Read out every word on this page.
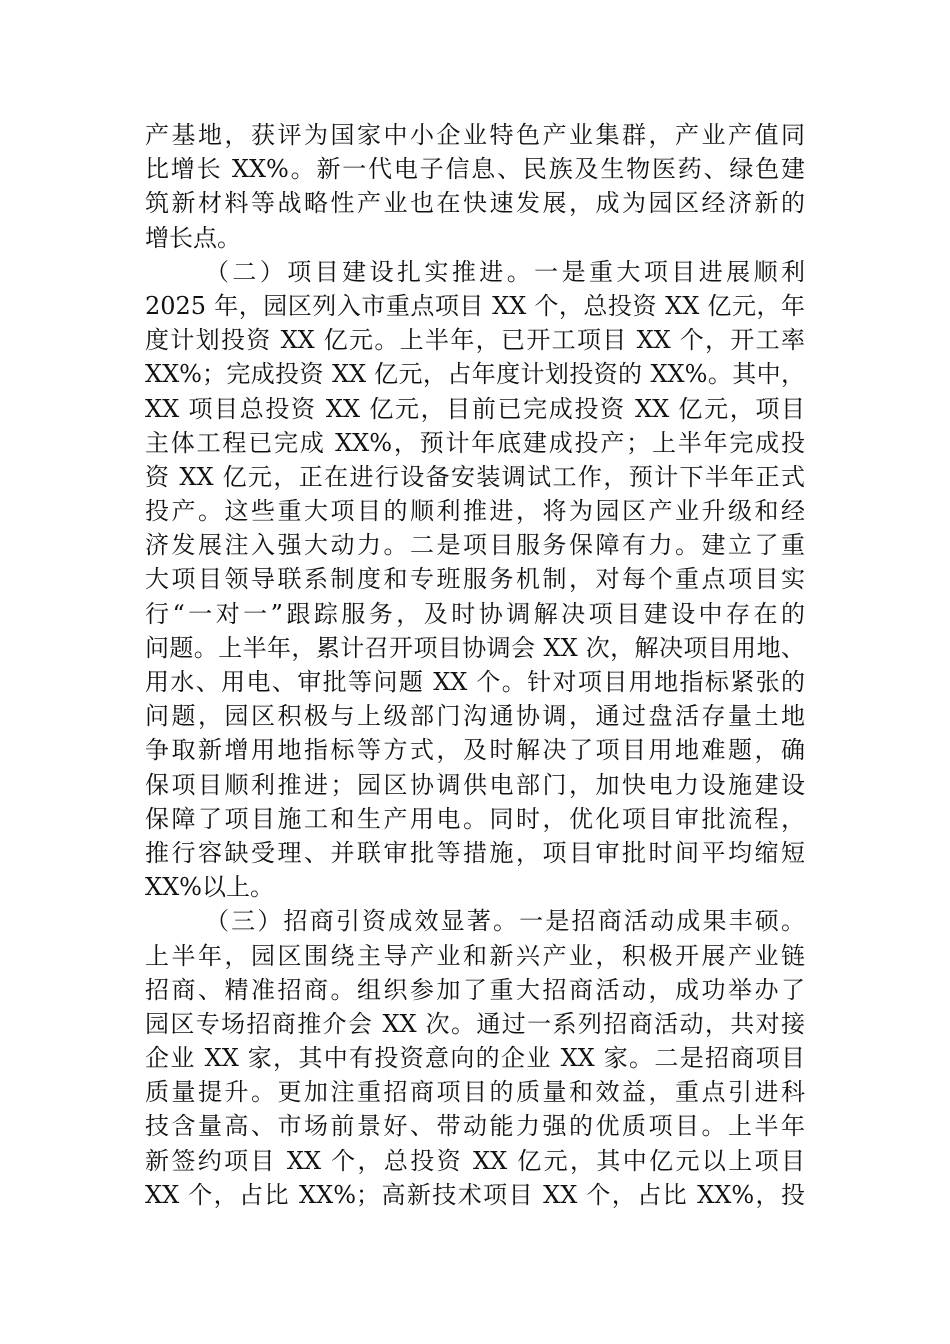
产基地，获评为国家中小企业特色产业集群，产业产值同
比增长 XX%。新一代电子信息、民族及生物医药、绿色建
筑新材料等战略性产业也在快速发展，成为园区经济新的
增长点。
（二）项目建设扎实推进。一是重大项目进展顺利
2025 年，园区列入市重点项目 XX 个，总投资 XX 亿元，年
度计划投资 XX 亿元。上半年，已开工项目 XX 个，开工率
XX%；完成投资 XX 亿元，占年度计划投资的 XX%。其中，
XX 项目总投资 XX 亿元，目前已完成投资 XX 亿元，项目
主体工程已完成 XX%，预计年底建成投产；上半年完成投
资 XX 亿元，正在进行设备安装调试工作，预计下半年正式
投产。这些重大项目的顺利推进，将为园区产业升级和经
济发展注入强大动力。二是项目服务保障有力。建立了重
大项目领导联系制度和专班服务机制，对每个重点项目实
行“一对一”跟踪服务，及时协调解决项目建设中存在的
问题。上半年，累计召开项目协调会 XX 次，解决项目用地、
用水、用电、审批等问题 XX 个。针对项目用地指标紧张的
问题，园区积极与上级部门沟通协调，通过盘活存量土地
争取新增用地指标等方式，及时解决了项目用地难题，确
保项目顺利推进；园区协调供电部门，加快电力设施建设
保障了项目施工和生产用电。同时，优化项目审批流程，
推行容缺受理、并联审批等措施，项目审批时间平均缩短
XX%以上。
（三）招商引资成效显著。一是招商活动成果丰硕。
上半年，园区围绕主导产业和新兴产业，积极开展产业链
招商、精准招商。组织参加了重大招商活动，成功举办了
园区专场招商推介会 XX 次。通过一系列招商活动，共对接
企业 XX 家，其中有投资意向的企业 XX 家。二是招商项目
质量提升。更加注重招商项目的质量和效益，重点引进科
技含量高、市场前景好、带动能力强的优质项目。上半年
新签约项目 XX 个，总投资 XX 亿元，其中亿元以上项目
XX 个，占比 XX%；高新技术项目 XX 个，占比 XX%，投
